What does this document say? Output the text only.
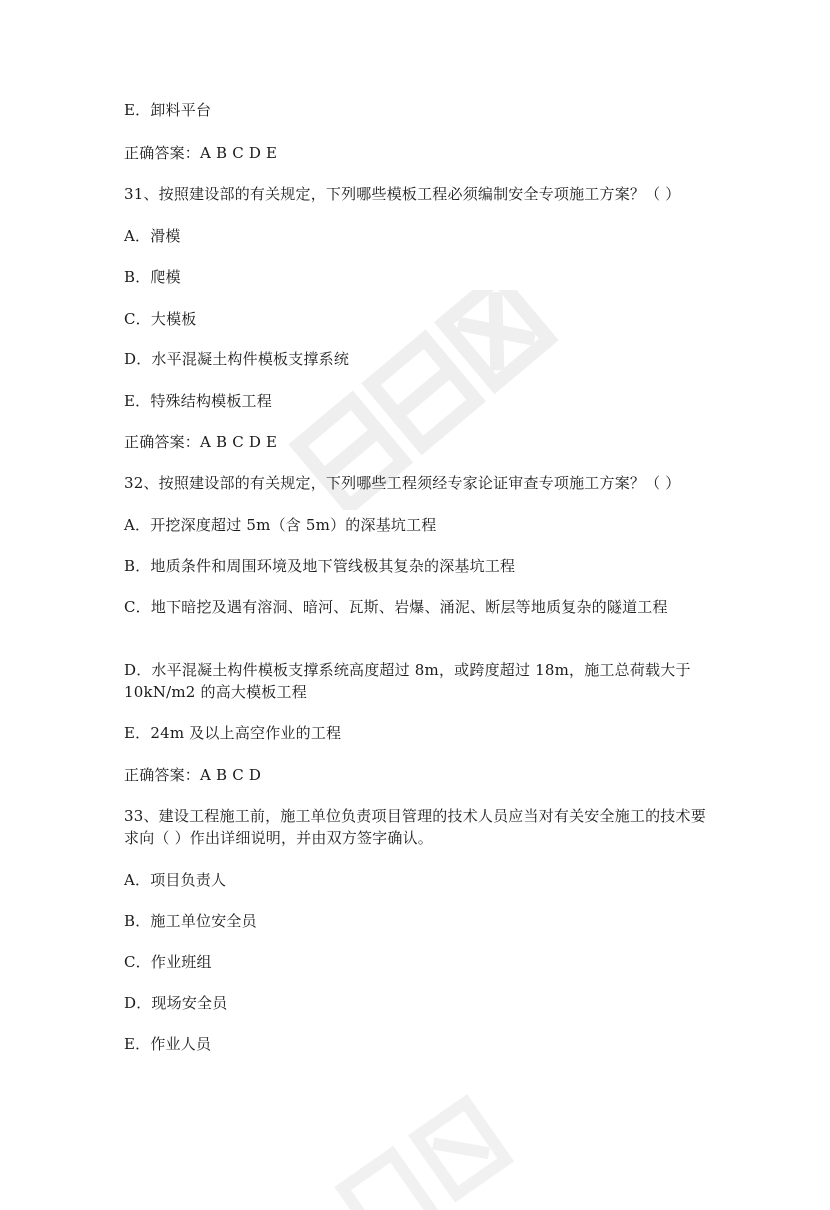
E．卸料平台
正确答案：A B C D E
31、按照建设部的有关规定，下列哪些模板工程必须编制安全专项施工方案？（ ）
A．滑模
B．爬模
C．大模板
D．水平混凝土构件模板支撑系统
E．特殊结构模板工程
正确答案：A B C D E
32、按照建设部的有关规定，下列哪些工程须经专家论证审查专项施工方案？（ ）
A．开挖深度超过 5m（含 5m）的深基坑工程
B．地质条件和周围环境及地下管线极其复杂的深基坑工程
C．地下暗挖及遇有溶洞、暗河、瓦斯、岩爆、涌泥、断层等地质复杂的隧道工程
D．水平混凝土构件模板支撑系统高度超过 8m，或跨度超过 18m，施工总荷载大于 10kN/m2 的高大模板工程
E．24m 及以上高空作业的工程
正确答案：A B C D
33、建设工程施工前，施工单位负责项目管理的技术人员应当对有关安全施工的技术要求向（ ）作出详细说明，并由双方签字确认。
A．项目负责人
B．施工单位安全员
C．作业班组
D．现场安全员
E．作业人员
